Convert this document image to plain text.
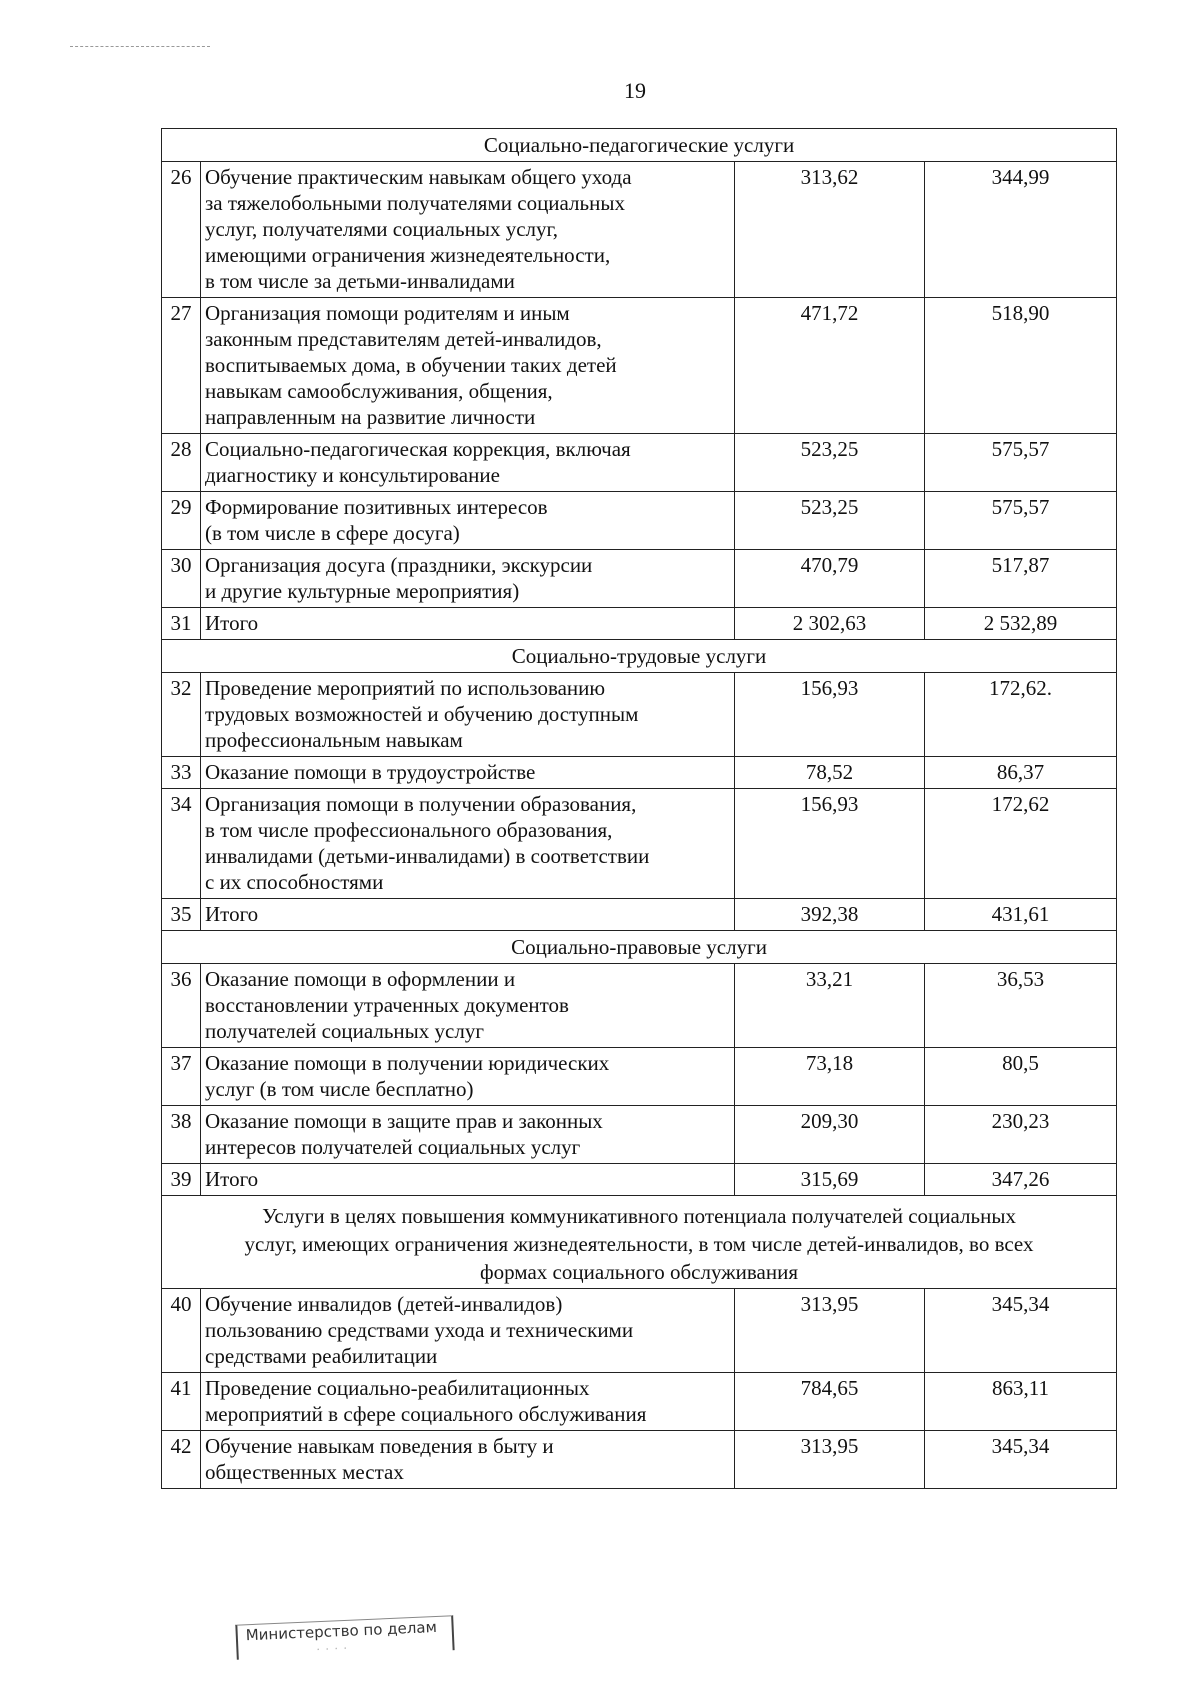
19
Социально-педагогические услуги			
26	Обучение практическим навыкам общего ухода
за тяжелобольными получателями социальных
услуг, получателями социальных услуг,
имеющими ограничения жизнедеятельности,
в том числе за детьми-инвалидами	313,62	344,99
27	Организация помощи родителям и иным
законным представителям детей-инвалидов,
воспитываемых дома, в обучении таких детей
навыкам самообслуживания, общения,
направленным на развитие личности	471,72	518,90
28	Социально-педагогическая коррекция, включая
диагностику и консультирование	523,25	575,57
29	Формирование позитивных интересов
(в том числе в сфере досуга)	523,25	575,57
30	Организация досуга (праздники, экскурсии
и другие культурные мероприятия)	470,79	517,87
31	Итого	2 302,63	2 532,89
Социально-трудовые услуги			
32	Проведение мероприятий по использованию
трудовых возможностей и обучению доступным
профессиональным навыкам	156,93	172,62.
33	Оказание помощи в трудоустройстве	78,52	86,37
34	Организация помощи в получении образования,
в том числе профессионального образования,
инвалидами (детьми-инвалидами) в соответствии
с их способностями	156,93	172,62
35	Итого	392,38	431,61
Социально-правовые услуги			
36	Оказание помощи в оформлении и
восстановлении утраченных документов
получателей социальных услуг	33,21	36,53
37	Оказание помощи в получении юридических
услуг (в том числе бесплатно)	73,18	80,5
38	Оказание помощи в защите прав и законных
интересов получателей социальных услуг	209,30	230,23
39	Итого	315,69	347,26

Услуги в целях повышения коммуникативного потенциала получателей социальных
услуг, имеющих ограничения жизнедеятельности, в том числе детей-инвалидов, во всех
формах социального обслуживания			

40	Обучение инвалидов (детей-инвалидов)
пользованию средствами ухода и техническими
средствами реабилитации	313,95	345,34
41	Проведение социально-реабилитационных
мероприятий в сфере социального обслуживания	784,65	863,11
42	Обучение навыкам поведения в быту и
общественных местах	313,95	345,34
Министерство по делам
· · · ·
